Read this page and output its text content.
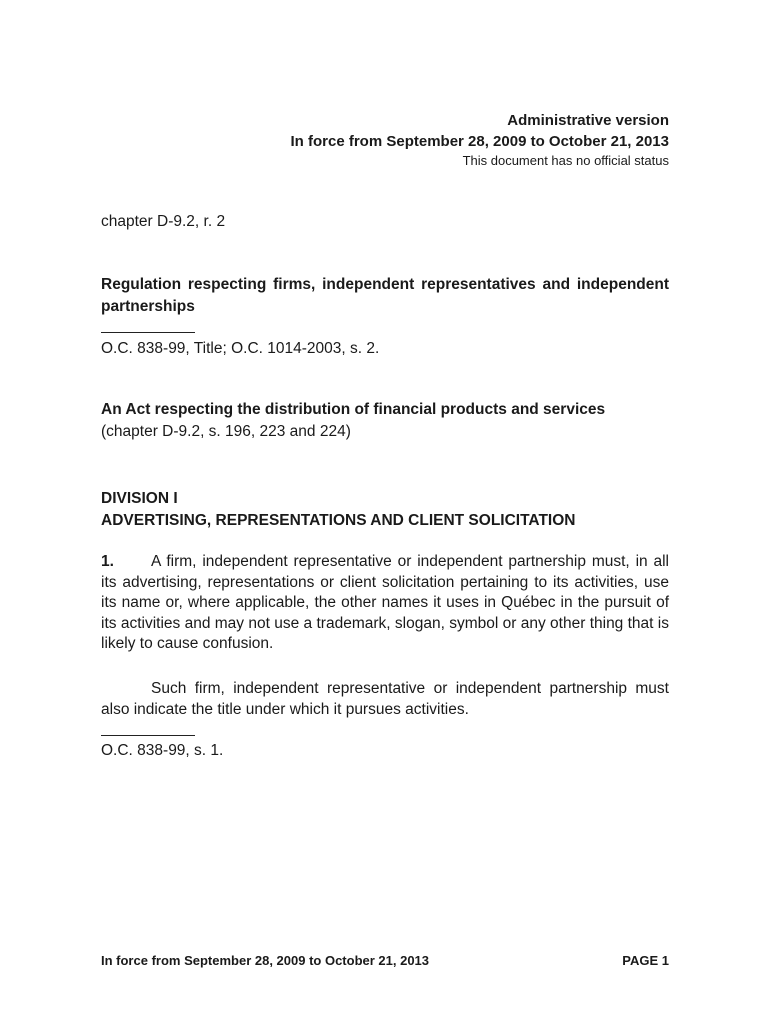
Administrative version

In force from September 28, 2009 to October 21, 2013

This document has no official status

chapter D-9.2, r. 2

Regulation respecting firms, independent representatives and independent partnerships

O.C. 838-99, Title; O.C. 1014-2003, s. 2.

An Act respecting the distribution of financial products and services

(chapter D-9.2, s. 196, 223 and 224)

DIVISION I

ADVERTISING, REPRESENTATIONS AND CLIENT SOLICITATION

1. A firm, independent representative or independent partnership must, in all its advertising, representations or client solicitation pertaining to its activities, use its name or, where applicable, the other names it uses in Québec in the pursuit of its activities and may not use a trademark, slogan, symbol or any other thing that is likely to cause confusion.

Such firm, independent representative or independent partnership must also indicate the title under which it pursues activities.

O.C. 838-99, s. 1.

In force from September 28, 2009 to October 21, 2013	PAGE 1
